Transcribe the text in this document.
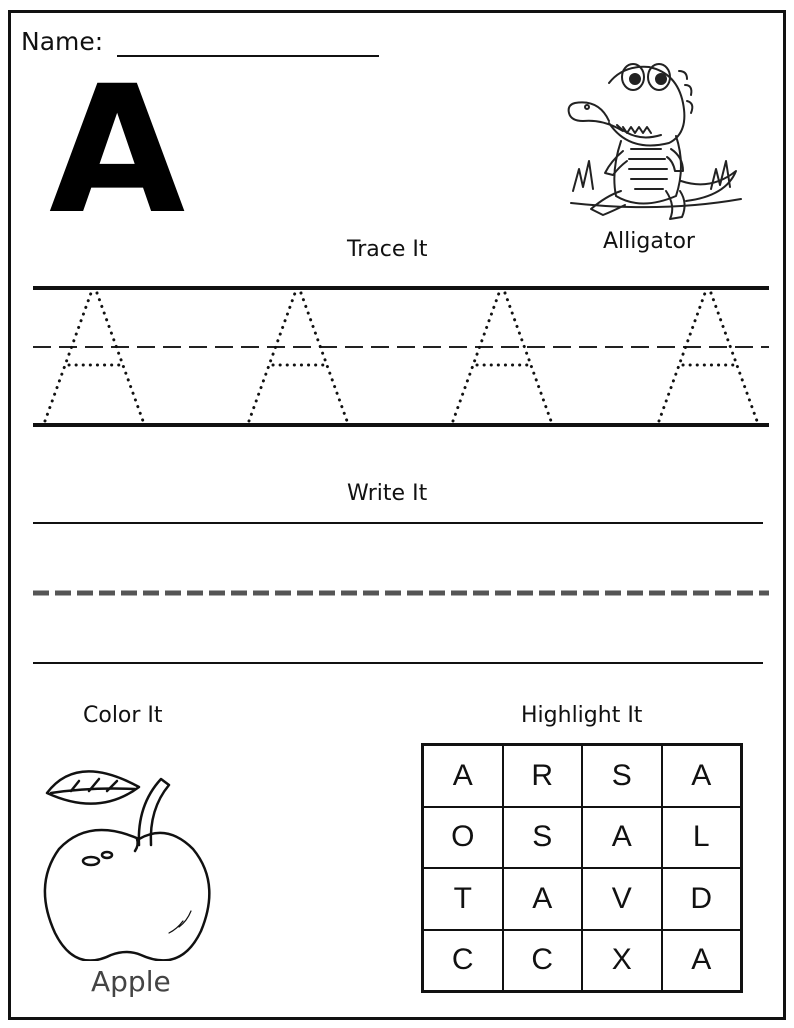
Name:
A	Alligator
Trace It
Write It
Color It
Apple
Highlight It
A	R	S	A
O	S	A	L
T	A	V	D
C	C	X	A
